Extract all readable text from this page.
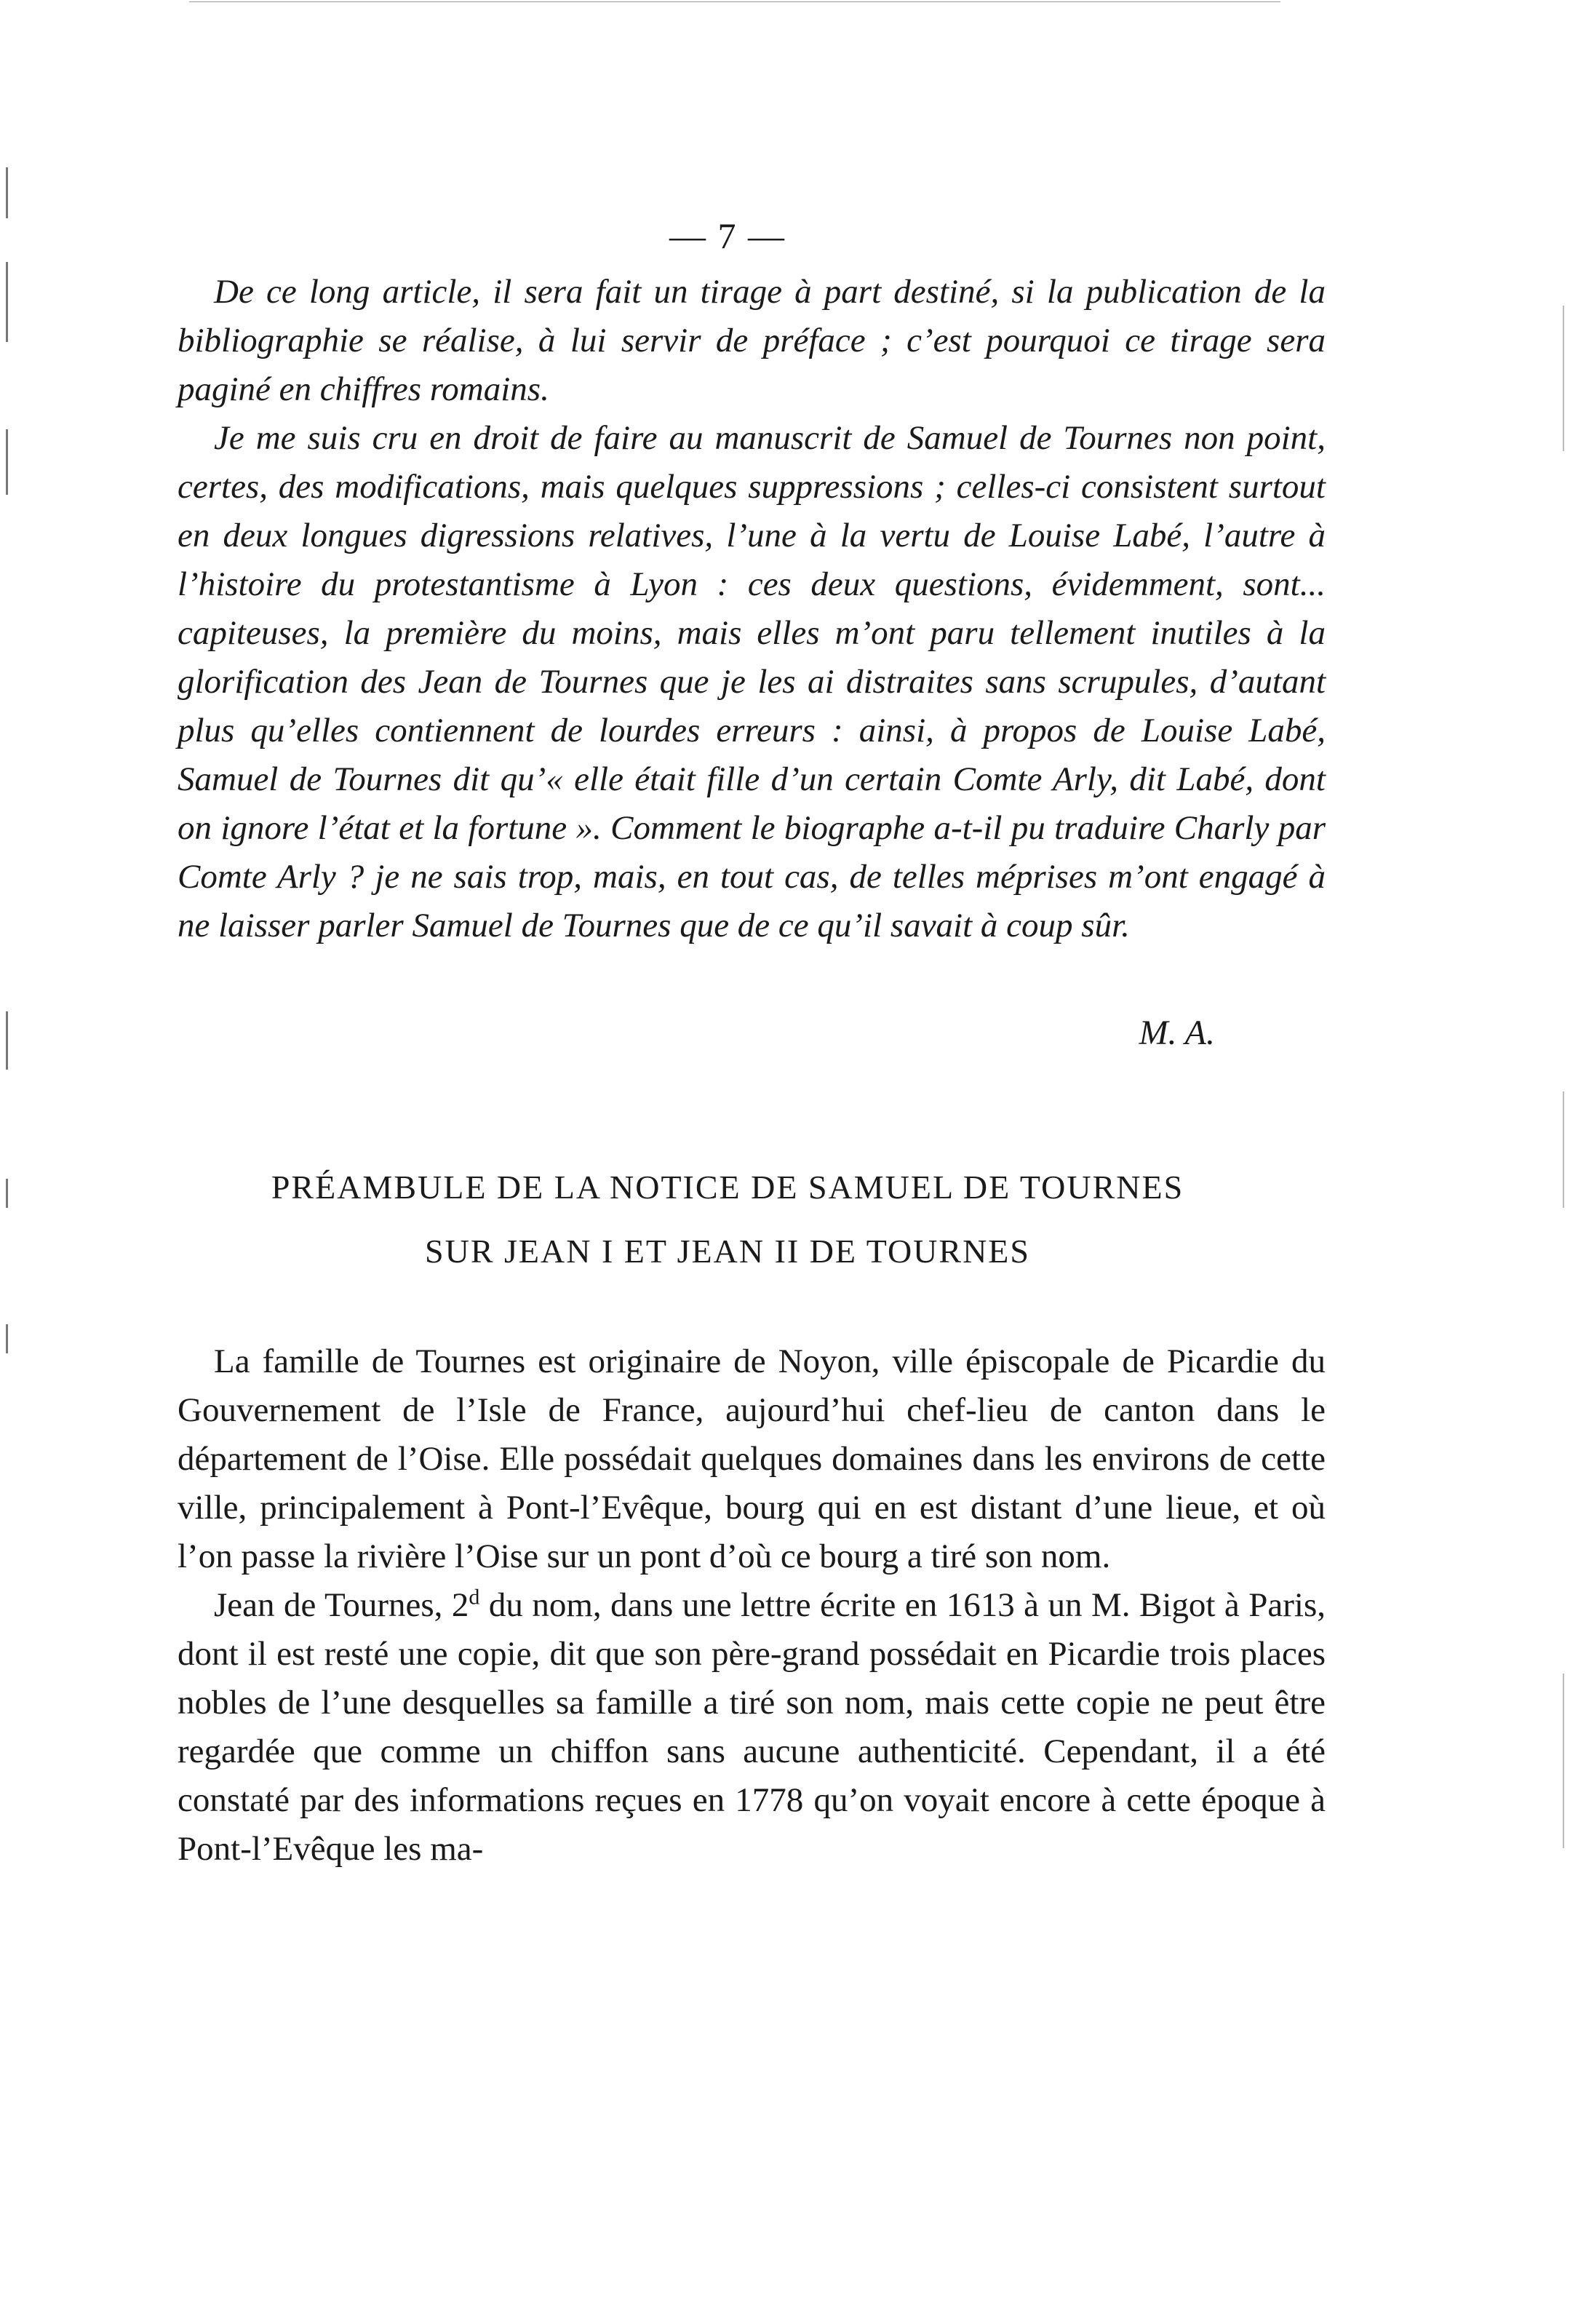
— 7 —

De ce long article, il sera fait un tirage à part destiné, si la publication de la bibliographie se réalise, à lui servir de préface ; c’est pourquoi ce tirage sera paginé en chiffres romains.

Je me suis cru en droit de faire au manuscrit de Samuel de Tournes non point, certes, des modifications, mais quelques suppressions ; celles-ci consistent surtout en deux longues digressions relatives, l’une à la vertu de Louise Labé, l’autre à l’histoire du protestantisme à Lyon : ces deux questions, évidemment, sont... capiteuses, la première du moins, mais elles m’ont paru tellement inutiles à la glorification des Jean de Tournes que je les ai distraites sans scrupules, d’autant plus qu’elles contiennent de lourdes erreurs : ainsi, à propos de Louise Labé, Samuel de Tournes dit qu’« elle était fille d’un certain Comte Arly, dit Labé, dont on ignore l’état et la fortune ». Comment le biographe a-t-il pu traduire Charly par Comte Arly ? je ne sais trop, mais, en tout cas, de telles méprises m’ont engagé à ne laisser parler Samuel de Tournes que de ce qu’il savait à coup sûr.

M. A.
PRÉAMBULE DE LA NOTICE DE SAMUEL DE TOURNES
SUR JEAN I ET JEAN II DE TOURNES

La famille de Tournes est originaire de Noyon, ville épiscopale de Picardie du Gouvernement de l’Isle de France, aujourd’hui chef-lieu de canton dans le département de l’Oise. Elle possédait quelques domaines dans les environs de cette ville, principalement à Pont-l’Evêque, bourg qui en est distant d’une lieue, et où l’on passe la rivière l’Oise sur un pont d’où ce bourg a tiré son nom.

Jean de Tournes, 2$^d$ du nom, dans une lettre écrite en 1613 à un M. Bigot à Paris, dont il est resté une copie, dit que son père-grand possédait en Picardie trois places nobles de l’une desquelles sa famille a tiré son nom, mais cette copie ne peut être regardée que comme un chiffon sans aucune authenticité. Cependant, il a été constaté par des informations reçues en 1778 qu’on voyait encore à cette époque à Pont-l’Evêque les ma-
